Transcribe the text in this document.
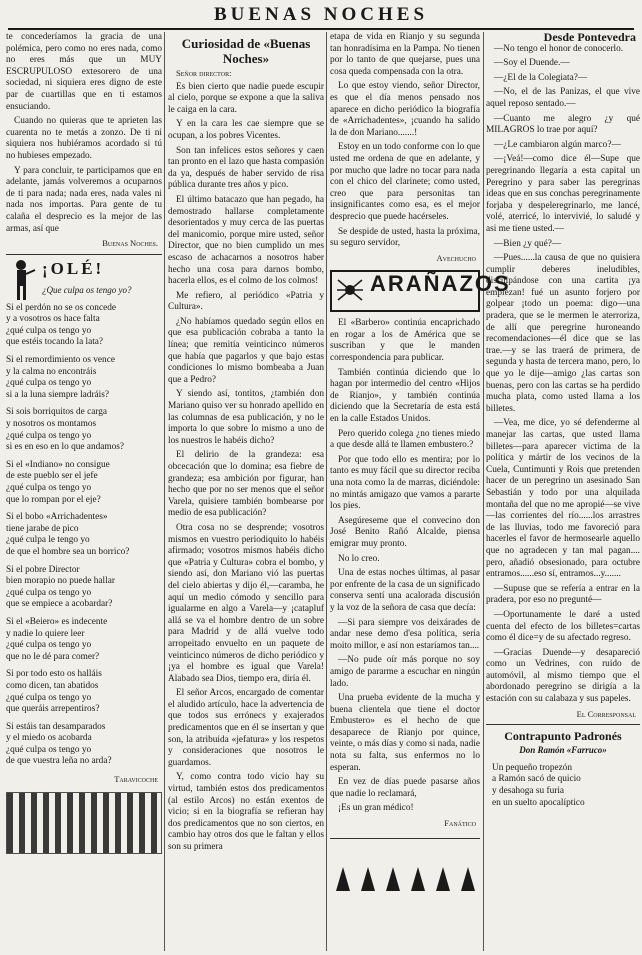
BUENAS NOCHES

te concederíamos la gracia de una polémica, pero como no eres nada, como no eres más que un MUY ESCRUPULOSO extesorero de una sociedad, ni siquiera eres digno de este par de cuartillas que en ti estamos ensuciando.

Cuando no quieras que te aprieten las cuarenta no te metás a zonzo. De ti ni siquiera nos hubiéramos acordado si tú no hubieses empezado.

Y para concluir, te participamos que en adelante, jamás volveremos a ocuparnos de ti para nada; nada eres, nada vales ni nada nos importas. Para gente de tu calaña el desprecio es la mejor de las armas, así que

Buenas Noches.
¡OLÉ!
¿Que culpa os tengo yo?

Si el perdón no se os concede

y a vosotros os hace falta

¿qué culpa os tengo yo

que estéis tocando la lata?

Si el remordimiento os vence

y la calma no encontráis

¿qué culpa os tengo yo

si a la luna siempre ladráis?

Si sois borriquitos de carga

y nosotros os montamos

¿qué culpa os tengo yo

si es en eso en lo que andamos?

Si el «Indiano» no consigue

de este pueblo ser el jefe

¿qué culpa os tengo yo

que lo rompan por el eje?

Si el bobo «Arrichadentes»

tiene jarabe de pico

¿qué culpa le tengo yo

de que el hombre sea un borrico?

Si el pobre Director

bien morapio no puede hallar

¿qué culpa os tengo yo

que se empiece a acobardar?

Si el «Beiero» es indecente

y nadie lo quiere leer

¿qué culpa os tengo yo

que no le dé para comer?

Si por todo esto os halláis

como dicen, tan abatidos

¿qué culpa os tengo yo

que queráis arrepentiros?

Si estáis tan desamparados

y el miedo os acobarda

¿qué culpa os tengo yo

de que vuestra leña no arda?

Taravicoche
Curiosidad de «Buenas Noches»
Señor director:

Es bien cierto que nadie puede escupir al cielo, porque se expone a que la saliva le caiga en la cara.

Y en la cara les cae siempre que se ocupan, a los pobres Vicentes.

Son tan infelices estos señores y caen tan pronto en el lazo que hasta compasión da ya, después de haber servido de risa pública durante tres años y pico.

El último batacazo que han pegado, ha demostrado hallarse completamente desorientados y muy cerca de las puertas del manicomio, porque mire usted, señor Director, que no bien cumplido un mes escaso de achacarnos a nosotros haber hecho una cosa para darnos bombo, hacerla ellos, es el colmo de los colmos!

Me refiero, al periódico «Patria y Cultura».

¿No habíamos quedado según ellos en que esa publicación cobraba a tanto la línea; que remitía veinticinco números que había que pagarlos y que bajo estas condiciones lo mismo bombeaba a Juan que a Pedro?

Y siendo así, tontitos, ¿también don Mariano quiso ver su honrado apellido en las columnas de esa publicación, y no le importa lo que sobre lo mismo a uno de los nuestros le habéis dicho?

El delirio de la grandeza: esa obcecación que lo domina; esa fiebre de grandeza; esa ambición por figurar, han hecho que por no ser menos que el señor Varela, quisiere también bombearse por medio de esa publicación?

Otra cosa no se desprende; vosotros mismos en vuestro periodiquito lo habéis afirmado; vosotros mismos habéis dicho que «Patria y Cultura» cobra el bombo, y siendo así, don Mariano vió las puertas del cielo abiertas y dijo él,—caramba, he aquí un medio cómodo y sencillo para igualarme en algo a Varela—y ¡catapluf allá se va el hombre dentro de un sobre para Madrid y de allá vuelve todo arropeitado envuelto en un paquete de veinticinco números de dicho periódico y ¡ya el hombre es igual que Varela! Alabado sea Dios, tiempo era, diría él.

El señor Arcos, encargado de comentar el aludido artículo, hace la advertencia de que todos sus errónecs y exajerados predicamentos que en él se insertan y que son, la atribuida «jefatura» y los respetos y consideraciones que nosotros le guardamos.

Y, como contra todo vicio hay su virtud, también estos dos predicamentos (al estilo Arcos) no están exentos de vicio; si en la biografía se refieran hay dos predicamentos que no son ciertos, en cambio hay otros dos que le faltan y ellos son su primera

etapa de vida en Rianjo y su segunda tan honradísima en la Pampa. No tienen por lo tanto de que quejarse, pues una cosa queda compensada con la otra.

Lo que estoy viendo, señor Director, es que el día menos pensado nos aparece en dicho periódico la biografía de «Arrichadentes», ¡cuando ha salido la de don Mariano.......!

Estoy en un todo conforme con lo que usted me ordena de que en adelante, y por mucho que ladre no tocar para nada con el chico del clarinete; como usted, creo que para personitas tan insignificantes como esa, es el mejor desprecio que puede hacérseles.

Se despide de usted, hasta la próxima, su seguro servidor,

Avechucho
ARAÑAZOS

El «Barbero» continúa encaprichado en rogar a los de América que se suscriban y que le manden correspondencia para publicar.

También continúa diciendo que lo hagan por intermedio del centro «Hijos de Rianjo», y también continúa diciendo que la Secretaría de esta está en la calle Estados Unidos.

Pero querido colega ¿no tienes miedo a que desde allá te llamen embustero.?

Por que todo ello es mentira; por lo tanto es muy fácil que su director reciba una nota como la de marras, diciéndole: no mintás amigazo que vamos a pararte los pies.

Asegúreseme que el convecino don José Benito Rañó Alcalde, piensa emigrar muy pronto.

No lo creo.

Una de estas noches últimas, al pasar por enfrente de la casa de un significado conserva sentí una acalorada discusión y la voz de la señora de casa que decía:

—Si para siempre vos deixárades de andar nese demo d'esa política, seria moito millor, e así non estaríamos tan....

—No pude oír más porque no soy amigo de pararme a escuchar en ningún lado.

Una prueba evidente de la mucha y buena clientela que tiene el doctor Embustero» es el hecho de que desaparece de Rianjo por quince, veinte, o más días y como si nada, nadie nota su falta, sus enfermos no lo esperan.

En vez de días puede pasarse años que nadie lo reclamará,

¡Es un gran médico!

Fanático
Desde Pontevedra

—No tengo el honor de conocerlo.

—Soy el Duende.—

—¿El de la Colegiata?—

—No, el de las Panizas, el que vive aquel reposo sentado.—

—Cuanto me alegro ¿y qué MILAGROS lo trae por aquí?

—¿Le cambiaron algún marco?—

—¡Veá!—como dice él—Supe que peregrinando llegaría a esta capital un Peregrino y para saber las peregrinas ideas que en sus conchas peregrinamente forjaba y despeleregrinarlo, me lancé, volé, aterricé, lo intervivié, lo saludé y asi me tiene usted.—

—Bien ¿y qué?—

—Pues......la causa de que no quisiera cumplir deberes ineludibles, disculpándose con una cartita ¡ya empiezan! fué un asunto forjero por golpear ¡todo un poema: digo—una pradera, que se le mermen le aterroriza, de allí que peregrine huroneando recomendaciones—él dice que se las trae.—y se las traerá de primera, de segunda y hasta de tercera mano, pero, lo que yo le dije—amigo ¿las cartas son buenas, pero con las cartas se ha perdido mucha plata, como usted llama a los billetes.

—Vea, me dice, yo sé defenderme al manejar las cartas, que usted llama billetes—para aparecer victima de la política y mártir de los vecinos de la Cuela, Cuntimunti y Rois que pretenden hacer de un peregrino un asesinado San Sebastián y todo por una alquilada montaña del que no me apropié—se vive—las corrientes del río......los arrastres de las lluvias, todo me favoreció para hacerles el favor de hermosearle aquello que no agradecen y tan mal pagan.... pero, añadió obsesionado, para octubre entramos......eso sí, entramos...y.......

—Supuse que se refería a entrar en la pradera, por eso no pregunté—

—Oportunamente le daré a usted cuenta del efecto de los billetes=cartas como él dice=y de su afectado regreso.

—Gracias Duende—y desapareció como un Vedrines, con ruido de automóvil, al mismo tiempo que el abordonado peregrino se dirigía a la estación con su calabaza y sus papeles.

El Corresponsal
Contrapunto Padronés
Don Ramón «Farruco»

Un pequeño tropezón

a Ramón sacó de quicio

y desahoga su furia

en un suelto apocalíptico
